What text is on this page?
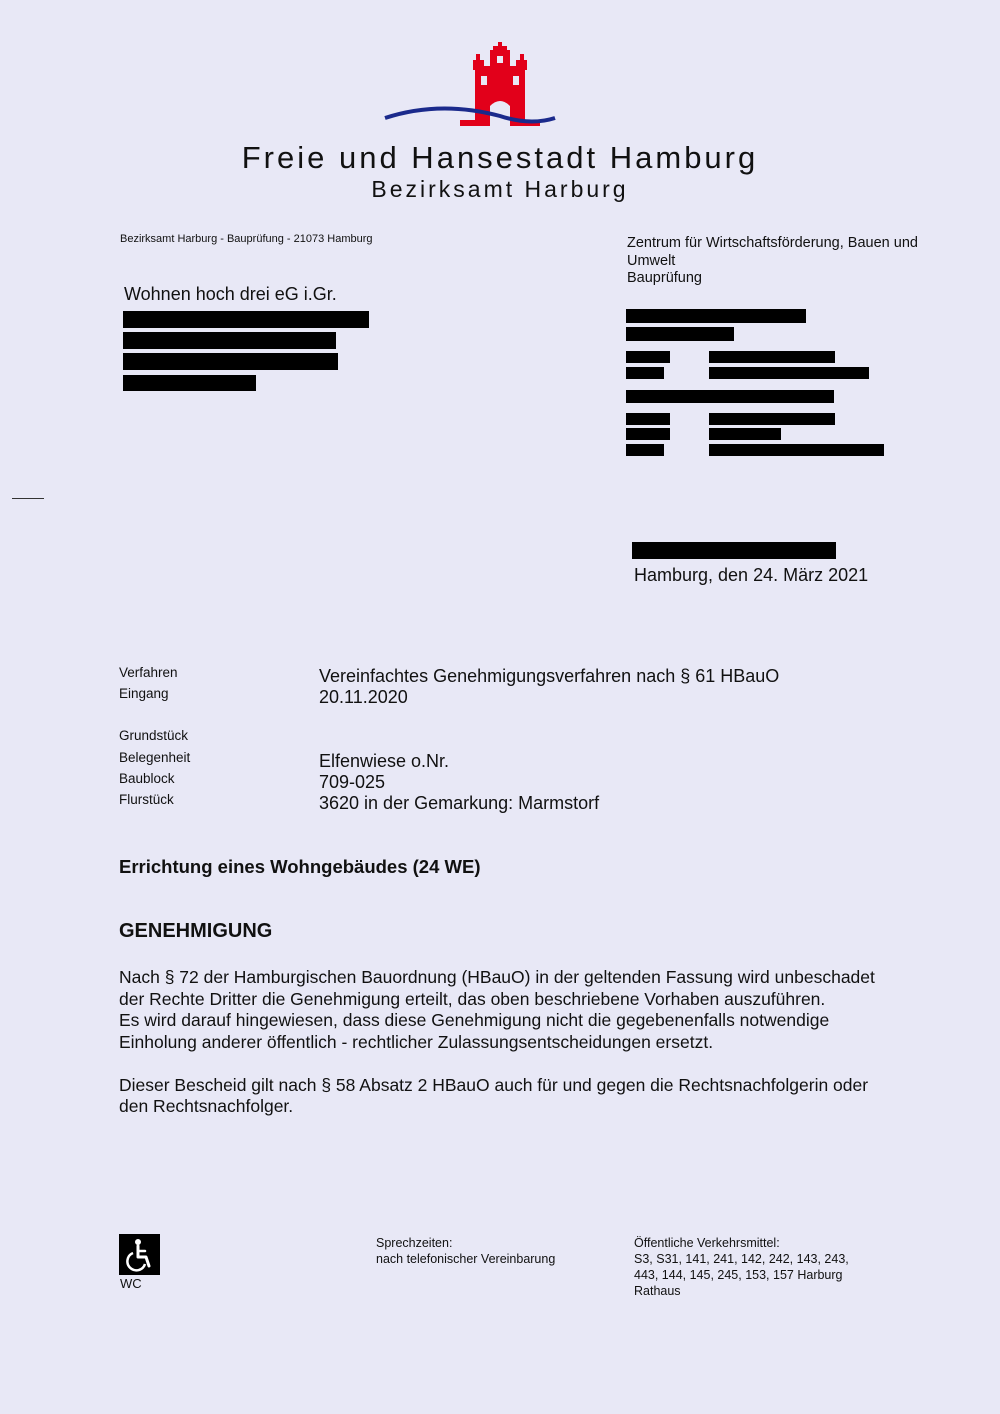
Freie und Hansestadt Hamburg
Bezirksamt Harburg
Bezirksamt Harburg - Bauprüfung - 21073 Hamburg
Wohnen hoch drei eG i.Gr.
Zentrum für Wirtschaftsförderung, Bauen und Umwelt
Bauprüfung
Hamburg, den 24. März 2021
Verfahren	Vereinfachtes Genehmigungsverfahren nach § 61 HBauO
Eingang	20.11.2020
Grundstück
Belegenheit	Elfenwiese o.Nr.
Baublock	709-025
Flurstück	3620 in der Gemarkung: Marmstorf
Errichtung eines Wohngebäudes (24 WE)
GENEHMIGUNG

Nach § 72 der Hamburgischen Bauordnung (HBauO) in der geltenden Fassung wird unbeschadet der Rechte Dritter die Genehmigung erteilt, das oben beschriebene Vorhaben auszuführen.
Es wird darauf hingewiesen, dass diese Genehmigung nicht die gegebenenfalls notwendige Einholung anderer öffentlich - rechtlicher Zulassungsentscheidungen ersetzt.

Dieser Bescheid gilt nach § 58 Absatz 2 HBauO auch für und gegen die Rechtsnachfolgerin oder den Rechtsnachfolger.

WC
Sprechzeiten:
nach telefonischer Vereinbarung
Öffentliche Verkehrsmittel:
S3, S31, 141, 241, 142, 242, 143, 243, 443, 144, 145, 245, 153, 157 Harburg Rathaus
